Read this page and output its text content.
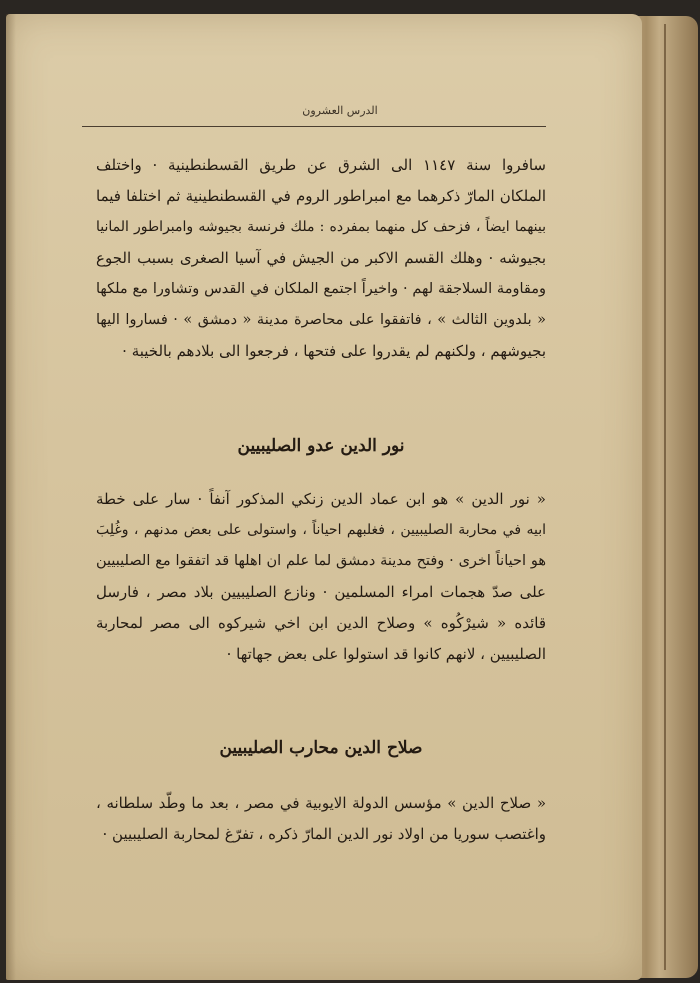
الدرس العشرون
سافروا سنة ١١٤٧ الى الشرق عن طريق القسطنطينية · واختلف
الملكان المارّ ذكرهما مع امبراطور الروم في القسطنطينية ثم اختلفا فيما
بينهما ايضاً ، فزحف كل منهما بمفرده : ملك فرنسة بجيوشه وامبراطور المانيا
بجيوشه · وهلك القسم الاكبر من الجيش في آسيا الصغرى بسبب الجوع
ومقاومة السلاجقة لهم · واخيراً اجتمع الملكان في القدس وتشاورا مع ملكها
« بلدوين الثالث » ، فاتفقوا على محاصرة مدينة « دمشق » · فساروا اليها
بجيوشهم ، ولكنهم لم يقدروا على فتحها ، فرجعوا الى بلادهم بالخيبة ·
نور الدين عدو الصليبيين
« نور الدين » هو ابن عماد الدين زنكي المذكور آنفاً · سار على خطة
ابيه في محاربة الصليبيين ، فغلبهم احياناً ، واستولى على بعض مدنهم ، وغُلِبَ
هو احياناً اخرى · وفتح مدينة دمشق لما علم ان اهلها قد اتفقوا مع الصليبيين
على صدّ هجمات امراء المسلمين · ونازع الصليبيين بلاد مصر ، فارسل
قائده « شيرْكُوه » وصلاح الدين ابن اخي شيركوه الى مصر لمحاربة
الصليبيين ، لانهم كانوا قد استولوا على بعض جهاتها ·
صلاح الدين محارب الصليبيين
« صلاح الدين » مؤسس الدولة الايوبية في مصر ، بعد ما وطّد سلطانه ،
واغتصب سوريا من اولاد نور الدين المارّ ذكره ، تفرّغ لمحاربة الصليبيين ·
